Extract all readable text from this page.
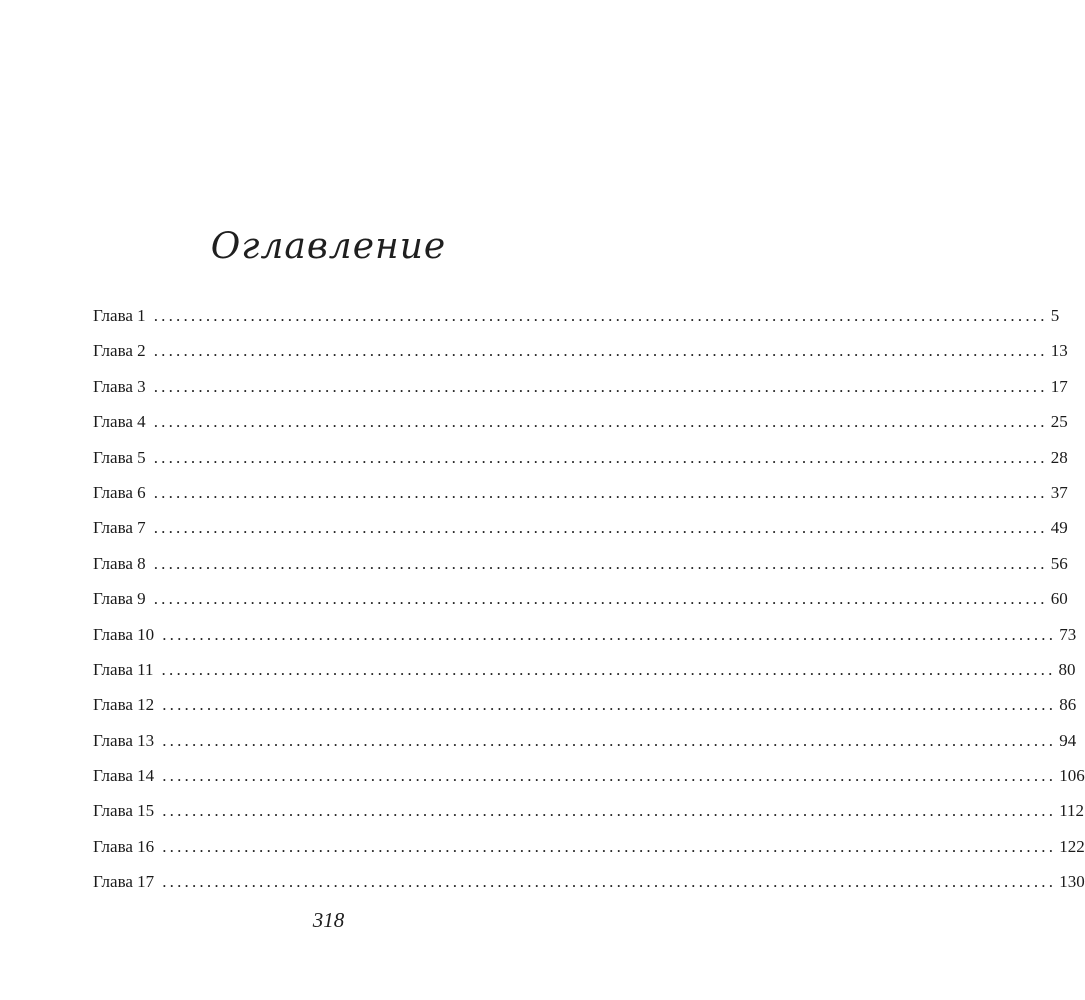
Оглавление
Глава 1 ........................................................................................................................ 5
Глава 2 ........................................................................................................................ 13
Глава 3 ........................................................................................................................ 17
Глава 4 ........................................................................................................................ 25
Глава 5 ........................................................................................................................ 28
Глава 6 ........................................................................................................................ 37
Глава 7 ........................................................................................................................ 49
Глава 8 ........................................................................................................................ 56
Глава 9 ........................................................................................................................ 60
Глава 10 ........................................................................................................................ 73
Глава 11 ........................................................................................................................ 80
Глава 12 ........................................................................................................................ 86
Глава 13 ........................................................................................................................ 94
Глава 14 ........................................................................................................................ 106
Глава 15 ........................................................................................................................ 112
Глава 16 ........................................................................................................................ 122
Глава 17 ........................................................................................................................ 130
318
